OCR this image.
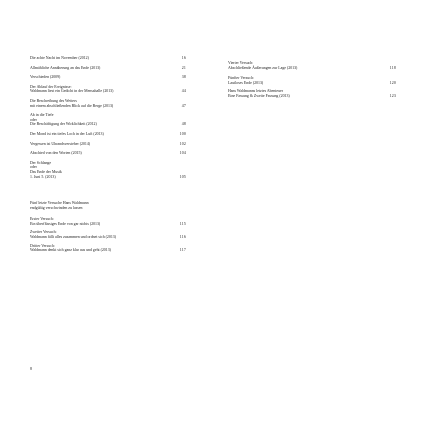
Die achte Nacht im November (2012)	16
Allmähliche Annäherung an das Ende (2013)	21
Verschieden (2009)	38
Der Ablauf der Ereignisse:
Waldmann liest ein Gedicht in der Mensahalle (2013)	44
Die Beschreibung des Wetters
mit einem abschließenden Blick auf die Berge (2013)	47
Ab in die Tiefe
oder
Die Beschäftigung der Wirklichkeit (2012)	48
Der Mond ist ein tiefes Loch in der Luft (2013)	100
Vergessen ist Uhrandsversteher (2014)	102
Abschied von den Worten (2015)	104
Der Schlange
oder
Das Ende der Musik
1. Juni 5. (2013)	105
Fünf letzte Versuche Hans Waldmann
endgültig verschwinden zu lassen
Erster Versuch:
Ein überflüssiges Ende von gar nichts (2013)	115
Zweiter Versuch:
Waldmann fällt alles zusammen und ordnet sich (2013)	116
Dritter Versuch:
Waldmann denkt sich ganz klar aus und geht (2013)	117
Vierter Versuch:
Abschließende Äußerungen zur Lage (2013)	118
Fünfter Versuch:
Lautloses Ende (2013)	120
Hans Waldmanns letztes Abenteuer
Eine Fassung & Zweite Fassung (2013)	123
8
